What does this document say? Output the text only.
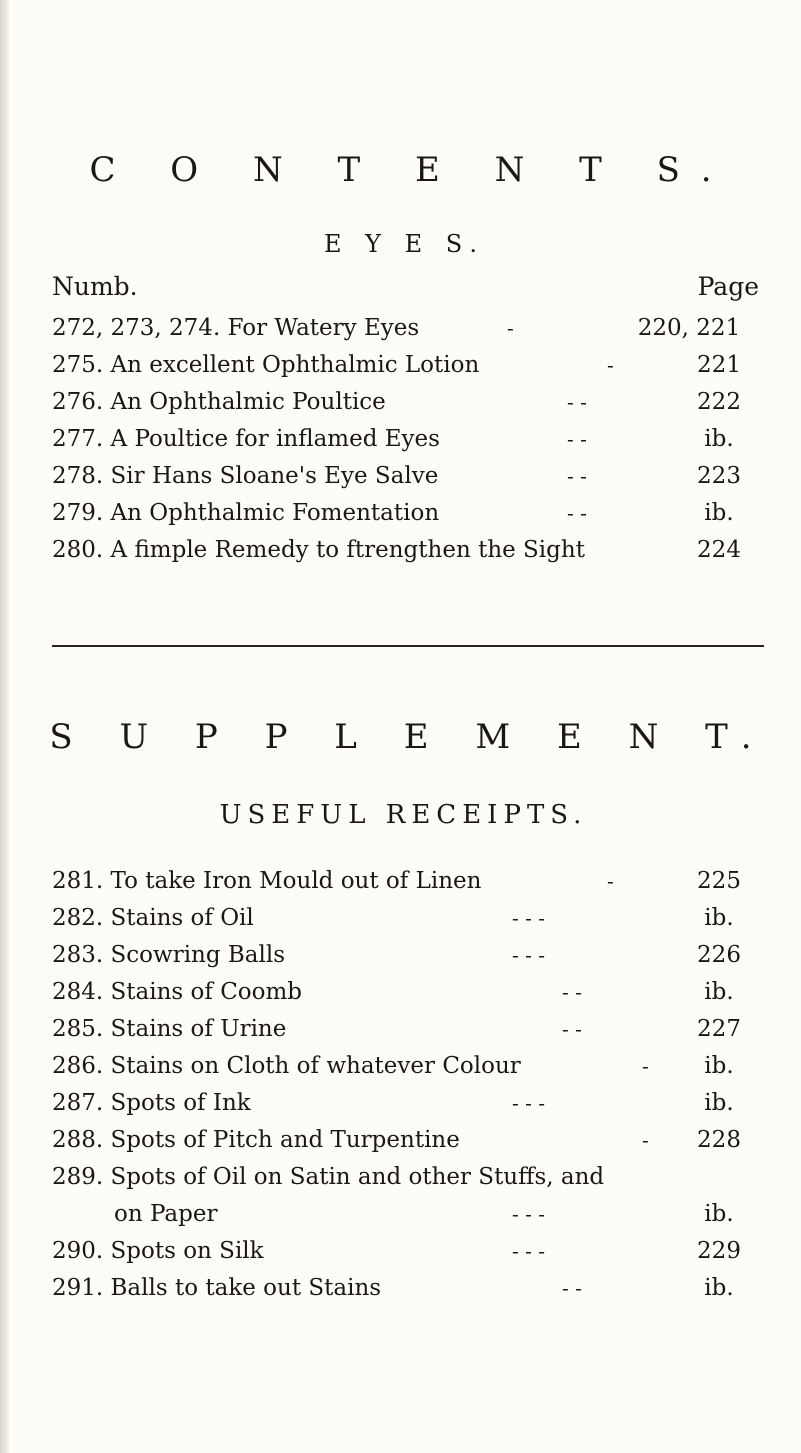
C O N T E N T S.
E Y E S.
Numb.	Page
272, 273, 274. For Watery Eyes	-	220, 221
275. An excellent Ophthalmic Lotion	-	221
276. An Ophthalmic Poultice	- -	222
277. A Poultice for inflamed Eyes	- -	ib.
278. Sir Hans Sloane's Eye Salve	- -	223
279. An Ophthalmic Fomentation	- -	ib.
280. A fimple Remedy to ftrengthen the Sight	224
S U P P L E M E N T.
USEFUL RECEIPTS.
281. To take Iron Mould out of Linen	-	225
282. Stains of Oil	- - -	ib.
283. Scowring Balls	- - -	226
284. Stains of Coomb	- -	ib.
285. Stains of Urine	- -	227
286. Stains on Cloth of whatever Colour	-	ib.
287. Spots of Ink	- - -	ib.
288. Spots of Pitch and Turpentine	-	228
289. Spots of Oil on Satin and other Stuffs, and
on Paper	- - -	ib.
290. Spots on Silk	- - -	229
291. Balls to take out Stains	- -	ib.
